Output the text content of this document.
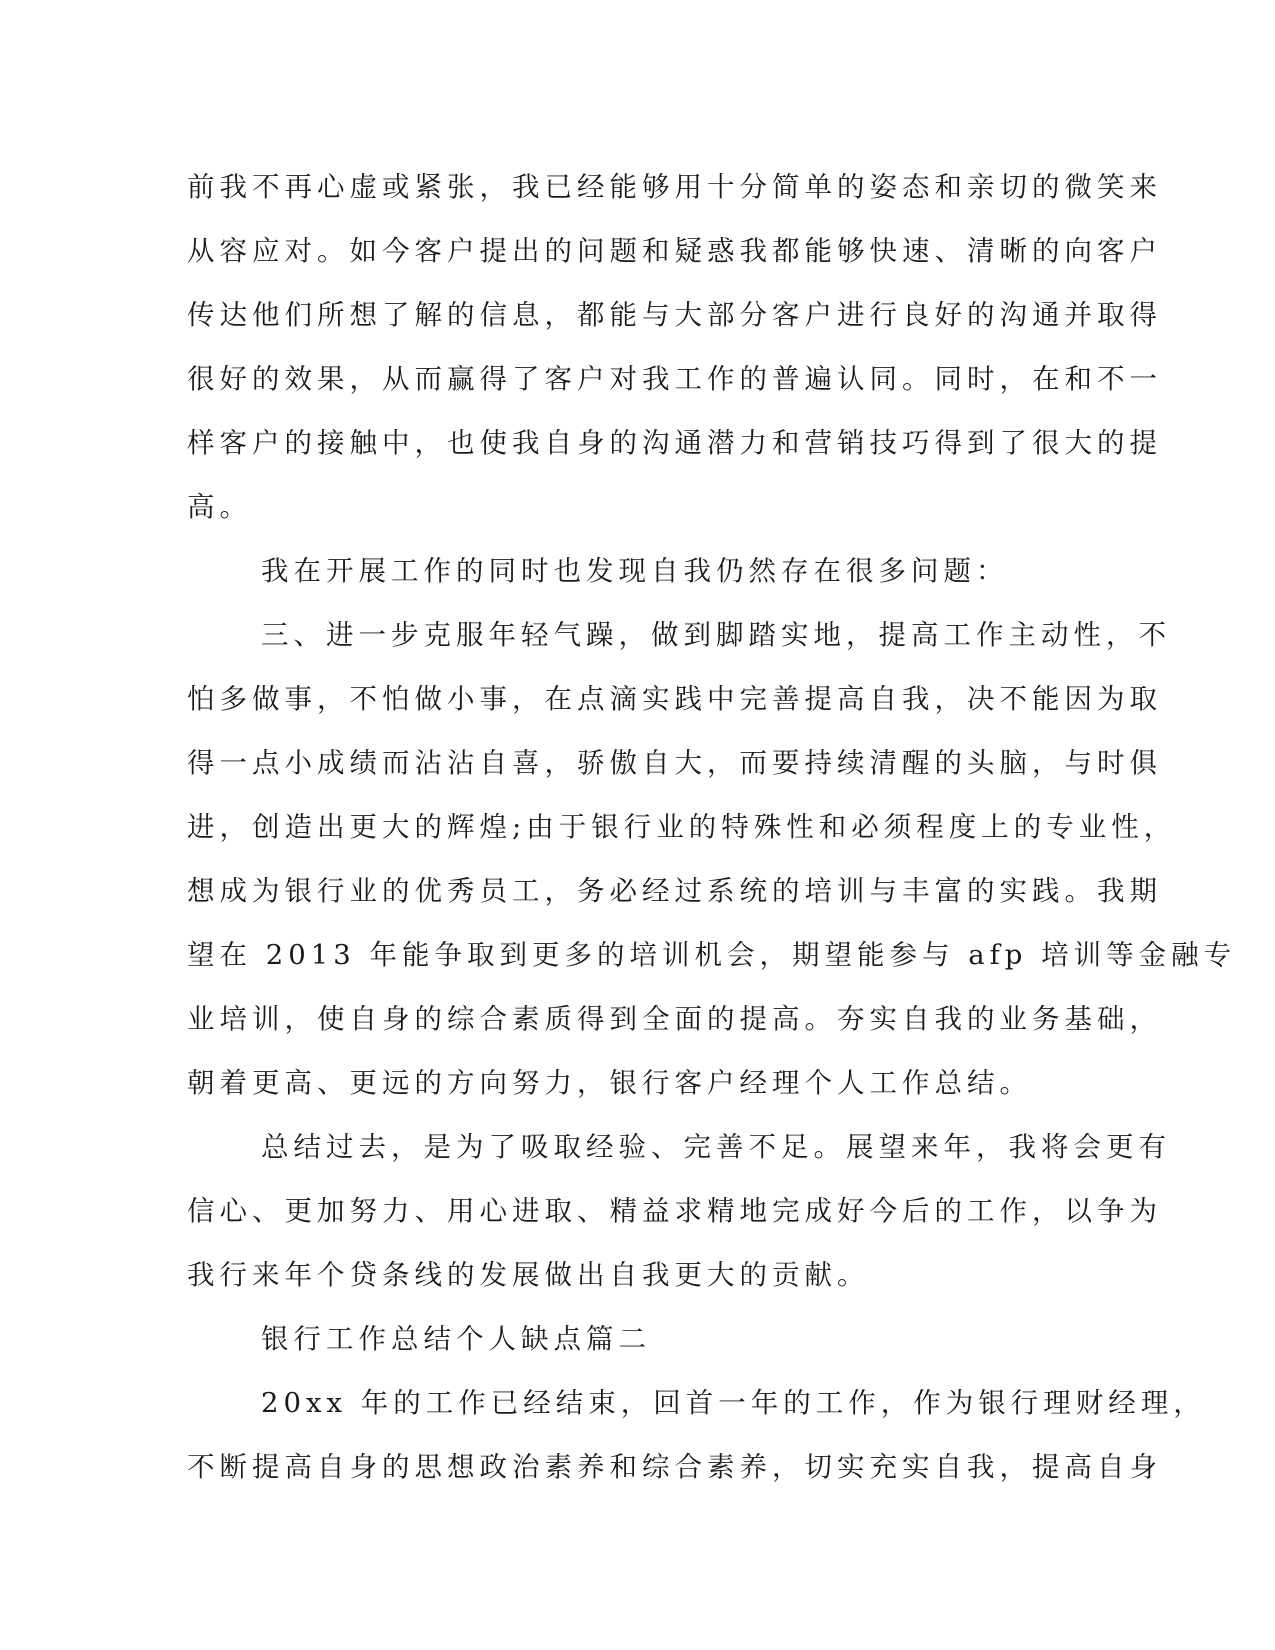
前我不再心虚或紧张，我已经能够用十分简单的姿态和亲切的微笑来
从容应对。如今客户提出的问题和疑惑我都能够快速、清晰的向客户
传达他们所想了解的信息，都能与大部分客户进行良好的沟通并取得
很好的效果，从而赢得了客户对我工作的普遍认同。同时，在和不一
样客户的接触中，也使我自身的沟通潜力和营销技巧得到了很大的提
高。
我在开展工作的同时也发现自我仍然存在很多问题：
三、进一步克服年轻气躁，做到脚踏实地，提高工作主动性，不
怕多做事，不怕做小事，在点滴实践中完善提高自我，决不能因为取
得一点小成绩而沾沾自喜，骄傲自大，而要持续清醒的头脑，与时俱
进，创造出更大的辉煌;由于银行业的特殊性和必须程度上的专业性，
想成为银行业的优秀员工，务必经过系统的培训与丰富的实践。我期
望在 2013 年能争取到更多的培训机会，期望能参与 afp 培训等金融专
业培训，使自身的综合素质得到全面的提高。夯实自我的业务基础，
朝着更高、更远的方向努力，银行客户经理个人工作总结。
总结过去，是为了吸取经验、完善不足。展望来年，我将会更有
信心、更加努力、用心进取、精益求精地完成好今后的工作，以争为
我行来年个贷条线的发展做出自我更大的贡献。
银行工作总结个人缺点篇二
20xx 年的工作已经结束，回首一年的工作，作为银行理财经理，
不断提高自身的思想政治素养和综合素养，切实充实自我，提高自身
